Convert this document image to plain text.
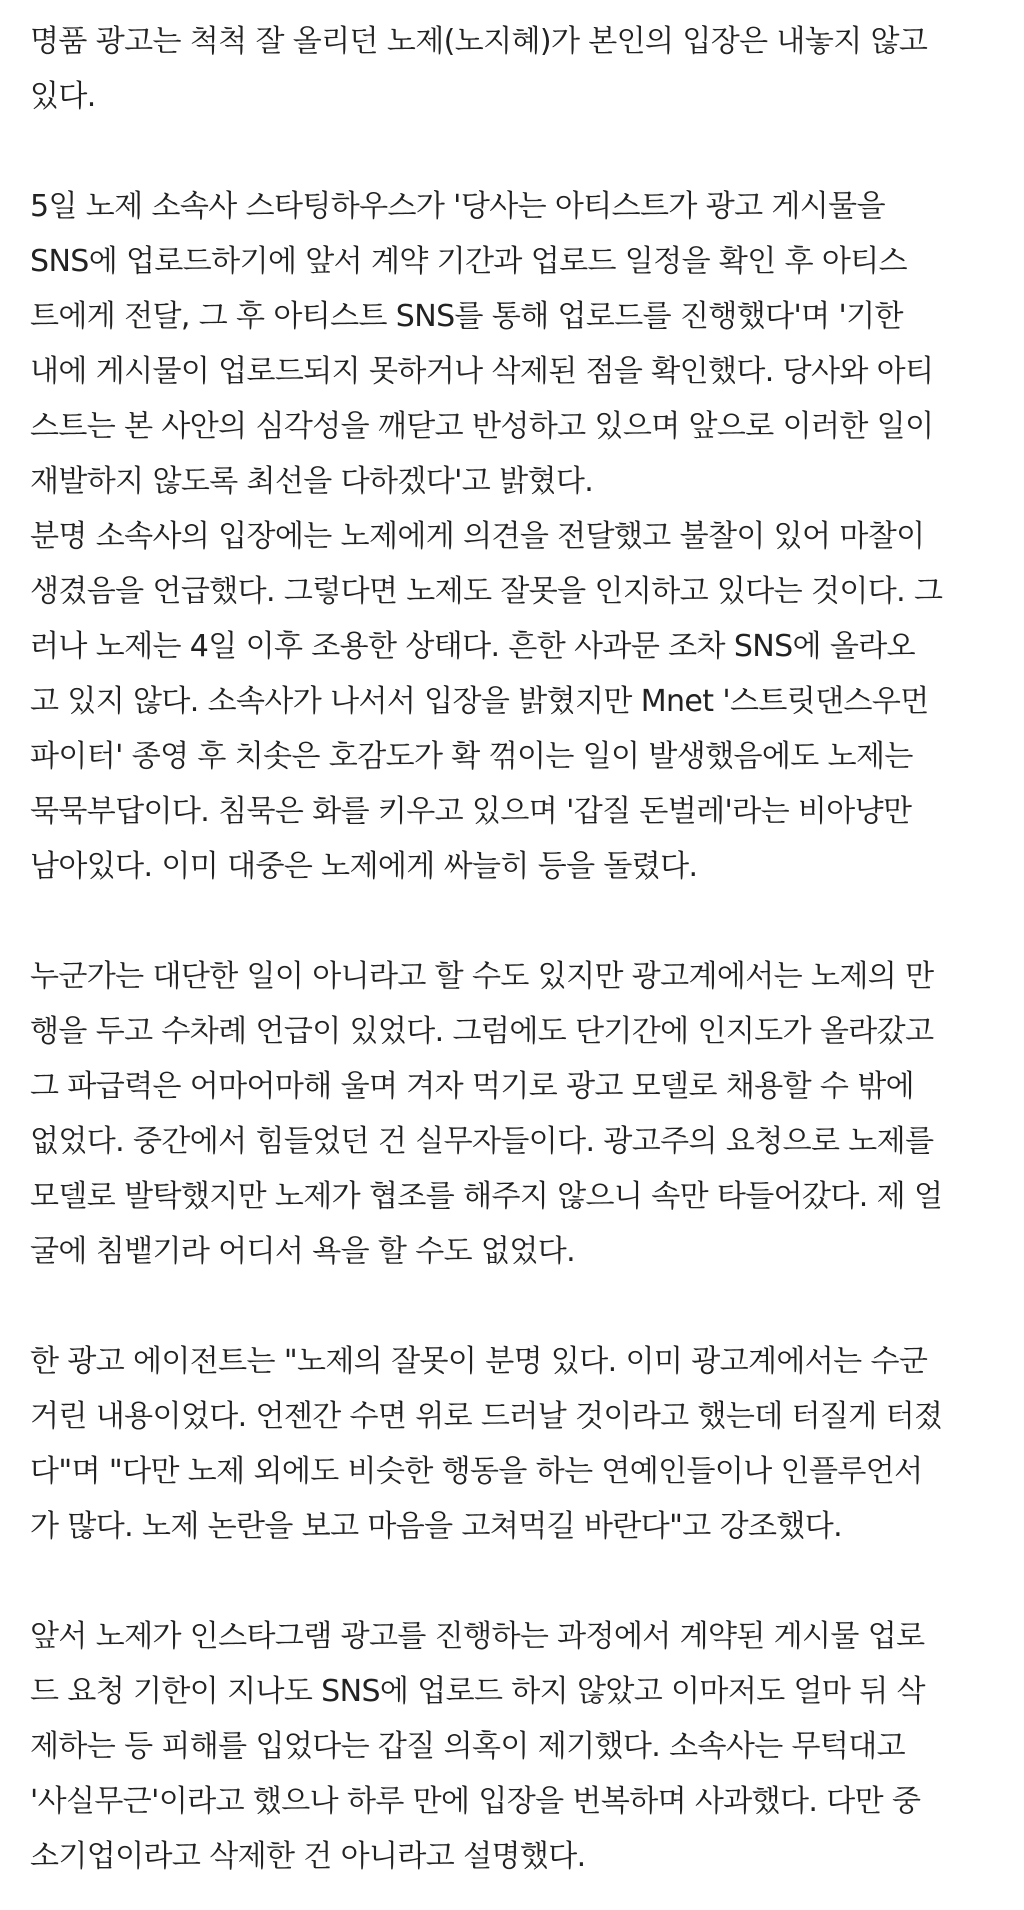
명품 광고는 척척 잘 올리던 노제(노지혜)가 본인의 입장은 내놓지 않고
있다.

5일 노제 소속사 스타팅하우스가 '당사는 아티스트가 광고 게시물을
SNS에 업로드하기에 앞서 계약 기간과 업로드 일정을 확인 후 아티스
트에게 전달, 그 후 아티스트 SNS를 통해 업로드를 진행했다'며 '기한
내에 게시물이 업로드되지 못하거나 삭제된 점을 확인했다. 당사와 아티
스트는 본 사안의 심각성을 깨닫고 반성하고 있으며 앞으로 이러한 일이
재발하지 않도록 최선을 다하겠다'고 밝혔다.
분명 소속사의 입장에는 노제에게 의견을 전달했고 불찰이 있어 마찰이
생겼음을 언급했다. 그렇다면 노제도 잘못을 인지하고 있다는 것이다. 그
러나 노제는 4일 이후 조용한 상태다. 흔한 사과문 조차 SNS에 올라오
고 있지 않다. 소속사가 나서서 입장을 밝혔지만 Mnet '스트릿댄스우먼
파이터' 종영 후 치솟은 호감도가 확 꺾이는 일이 발생했음에도 노제는
묵묵부답이다. 침묵은 화를 키우고 있으며 '갑질 돈벌레'라는 비아냥만
남아있다. 이미 대중은 노제에게 싸늘히 등을 돌렸다.

누군가는 대단한 일이 아니라고 할 수도 있지만 광고계에서는 노제의 만
행을 두고 수차례 언급이 있었다. 그럼에도 단기간에 인지도가 올라갔고
그 파급력은 어마어마해 울며 겨자 먹기로 광고 모델로 채용할 수 밖에
없었다. 중간에서 힘들었던 건 실무자들이다. 광고주의 요청으로 노제를
모델로 발탁했지만 노제가 협조를 해주지 않으니 속만 타들어갔다. 제 얼
굴에 침뱉기라 어디서 욕을 할 수도 없었다.

한 광고 에이전트는 "노제의 잘못이 분명 있다. 이미 광고계에서는 수군
거린 내용이었다. 언젠간 수면 위로 드러날 것이라고 했는데 터질게 터졌
다"며 "다만 노제 외에도 비슷한 행동을 하는 연예인들이나 인플루언서
가 많다. 노제 논란을 보고 마음을 고쳐먹길 바란다"고 강조했다.

앞서 노제가 인스타그램 광고를 진행하는 과정에서 계약된 게시물 업로
드 요청 기한이 지나도 SNS에 업로드 하지 않았고 이마저도 얼마 뒤 삭
제하는 등 피해를 입었다는 갑질 의혹이 제기했다. 소속사는 무턱대고
'사실무근'이라고 했으나 하루 만에 입장을 번복하며 사과했다. 다만 중
소기업이라고 삭제한 건 아니라고 설명했다.
